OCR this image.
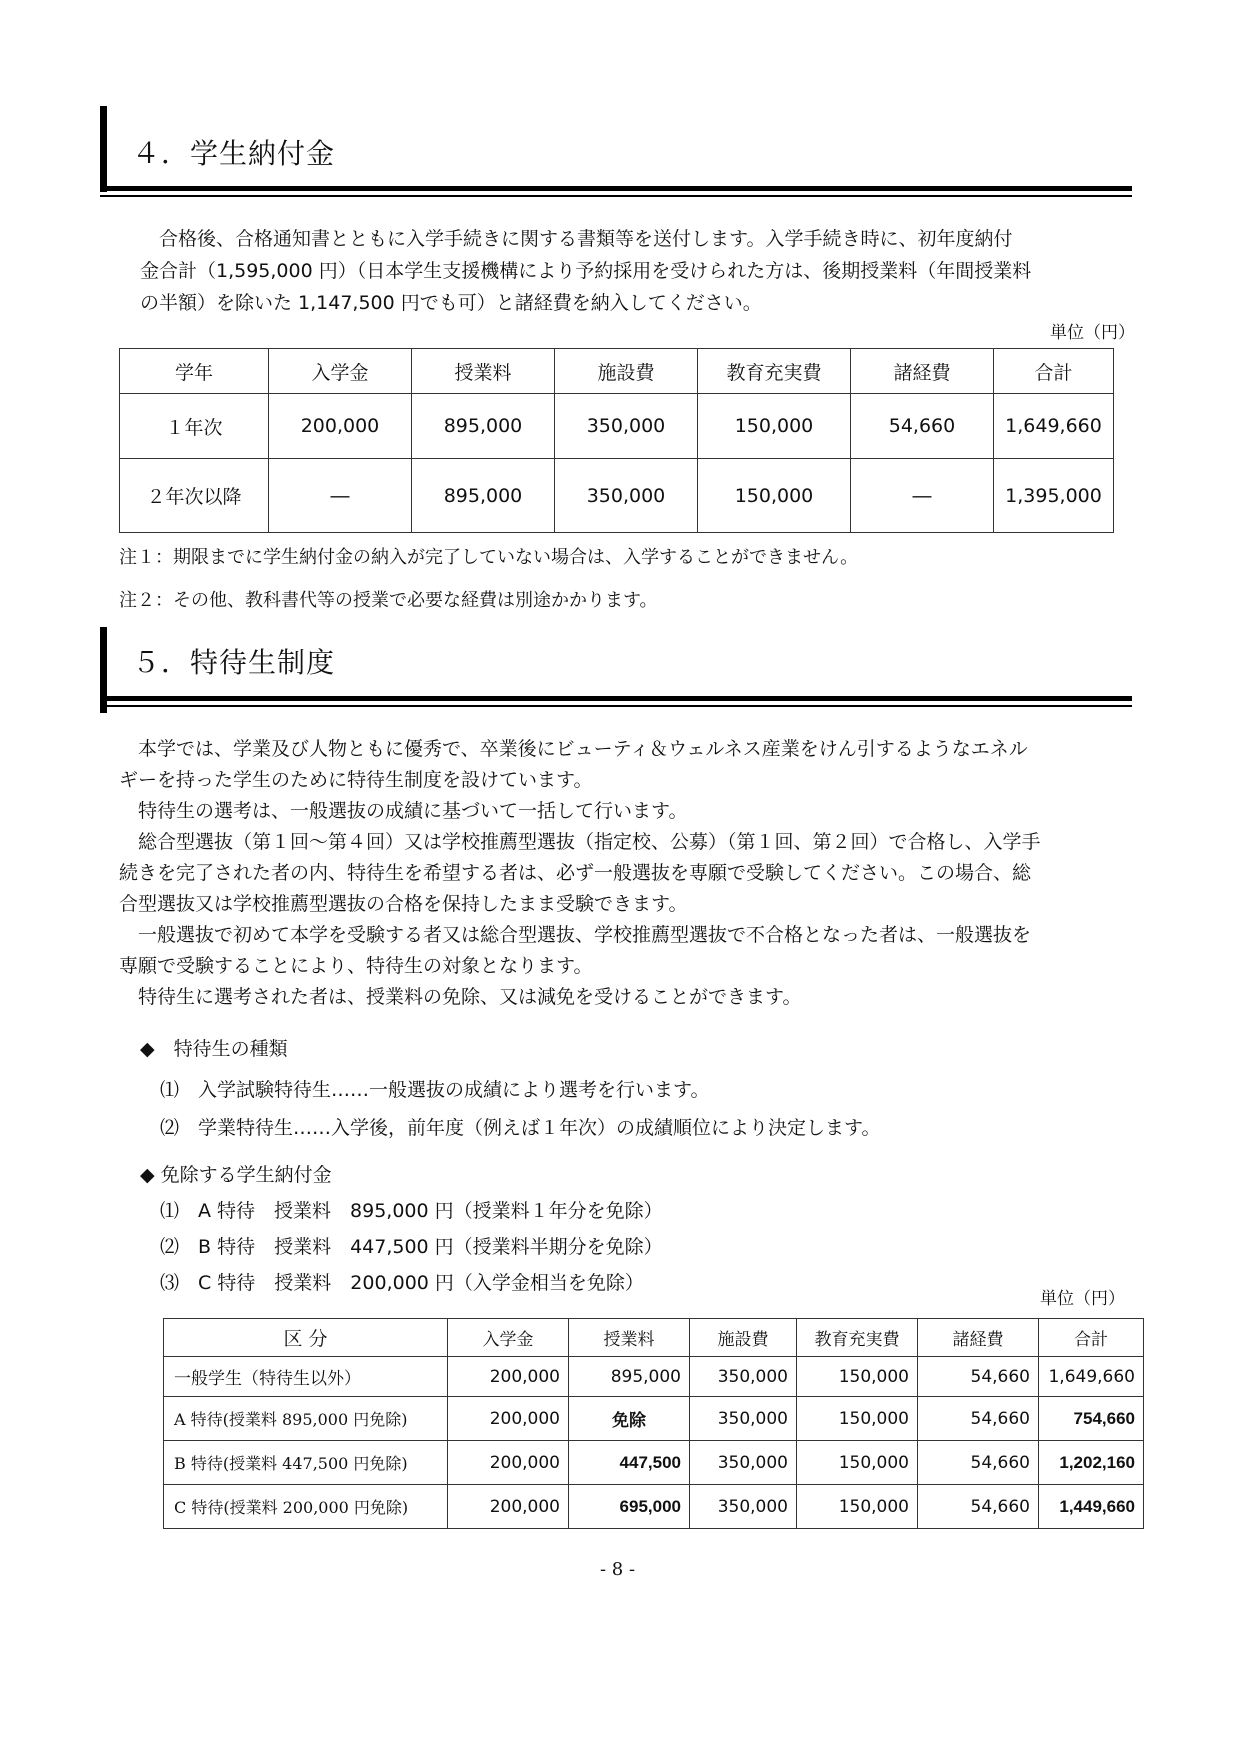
４．学生納付金
　合格後、合格通知書とともに入学手続きに関する書類等を送付します。入学手続き時に、初年度納付
金合計（1,595,000 円）（日本学生支援機構により予約採用を受けられた方は、後期授業料（年間授業料
の半額）を除いた 1,147,500 円でも可）と諸経費を納入してください。
単位（円）
学年	入学金	授業料	施設費	教育充実費	諸経費	合計
１年次	200,000	895,000	350,000	150,000	54,660	1,649,660
２年次以降	―	895,000	350,000	150,000	―	1,395,000
注１：期限までに学生納付金の納入が完了していない場合は、入学することができません。
注２：その他、教科書代等の授業で必要な経費は別途かかります。
５．特待生制度
　本学では、学業及び人物ともに優秀で、卒業後にビューティ＆ウェルネス産業をけん引するようなエネル
ギーを持った学生のために特待生制度を設けています。
　特待生の選考は、一般選抜の成績に基づいて一括して行います。
　総合型選抜（第１回～第４回）又は学校推薦型選抜（指定校、公募）（第１回、第２回）で合格し、入学手
続きを完了された者の内、特待生を希望する者は、必ず一般選抜を専願で受験してください。この場合、総
合型選抜又は学校推薦型選抜の合格を保持したまま受験できます。
　一般選抜で初めて本学を受験する者又は総合型選抜、学校推薦型選抜で不合格となった者は、一般選抜を
専願で受験することにより、特待生の対象となります。
　特待生に選考された者は、授業料の免除、又は減免を受けることができます。
◆　特待生の種類
⑴　入学試験特待生……一般選抜の成績により選考を行います。
⑵　学業特待生……入学後，前年度（例えば１年次）の成績順位により決定します。
◆ 免除する学生納付金
⑴　A 特待　授業料　895,000 円（授業料１年分を免除）
⑵　B 特待　授業料　447,500 円（授業料半期分を免除）
⑶　C 特待　授業料　200,000 円（入学金相当を免除）
単位（円）
区 分	入学金	授業料	施設費	教育充実費	諸経費	合計
一般学生（特待生以外）	200,000	895,000	350,000	150,000	54,660	1,649,660
A 特待(授業料 895,000 円免除)	200,000	免除	350,000	150,000	54,660	754,660
B 特待(授業料 447,500 円免除)	200,000	447,500	350,000	150,000	54,660	1,202,160
C 特待(授業料 200,000 円免除)	200,000	695,000	350,000	150,000	54,660	1,449,660
- 8 -
